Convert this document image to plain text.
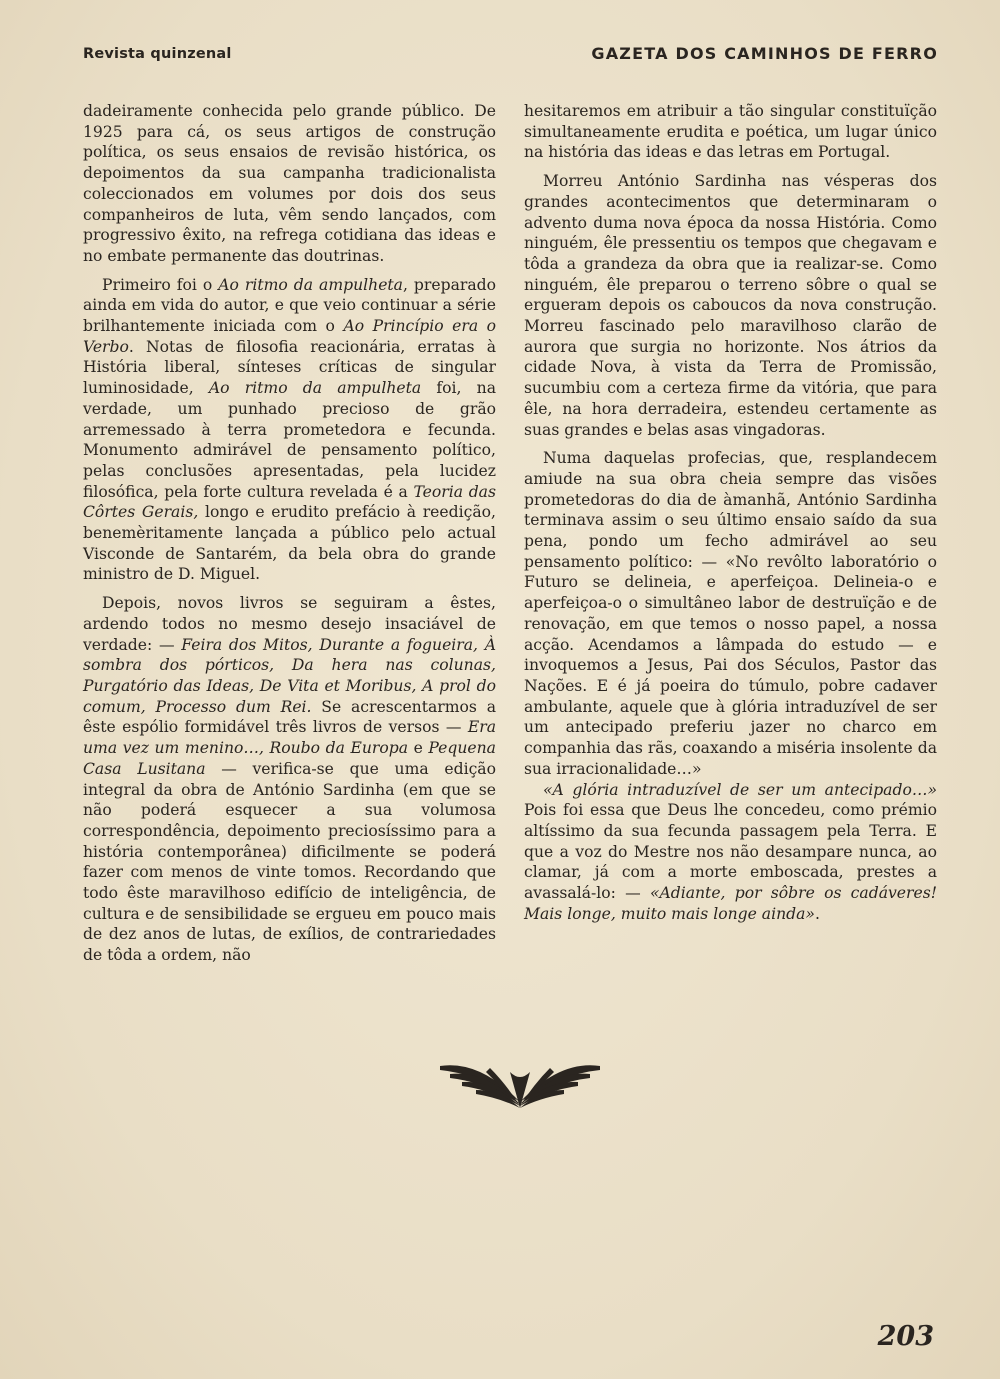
Revista quinzenal	GAZETA DOS CAMINHOS DE FERRO

dadeiramente conhecida pelo grande público. De 1925 para cá, os seus artigos de construção política, os seus ensaios de revisão histórica, os depoimentos da sua campanha tradicionalista coleccionados em volumes por dois dos seus companheiros de luta, vêm sendo lançados, com progressivo êxito, na refrega cotidiana das ideas e no embate permanente das doutrinas.

Primeiro foi o Ao ritmo da ampulheta, preparado ainda em vida do autor, e que veio continuar a série brilhantemente iniciada com o Ao Princípio era o Verbo. Notas de filosofia reacionária, erratas à História liberal, sínteses críticas de singular luminosidade, Ao ritmo da ampulheta foi, na verdade, um punhado precioso de grão arremessado à terra prometedora e fecunda. Monumento admirável de pensamento político, pelas conclusões apresentadas, pela lucidez filosófica, pela forte cultura revelada é a Teoria das Côrtes Gerais, longo e erudito prefácio à reedição, benemèritamente lançada a público pelo actual Visconde de Santarém, da bela obra do grande ministro de D. Miguel.

Depois, novos livros se seguiram a êstes, ardendo todos no mesmo desejo insaciável de verdade: — Feira dos Mitos, Durante a fogueira, À sombra dos pórticos, Da hera nas colunas, Purgatório das Ideas, De Vita et Moribus, A prol do comum, Processo dum Rei. Se acrescentarmos a êste espólio formidável três livros de versos — Era uma vez um menino…, Roubo da Europa e Pequena Casa Lusitana — verifica-se que uma edição integral da obra de António Sardinha (em que se não poderá esquecer a sua volumosa correspondência, depoimento preciosíssimo para a história contemporânea) dificilmente se poderá fazer com menos de vinte tomos. Recordando que todo êste maravilhoso edifício de inteligência, de cultura e de sensibilidade se ergueu em pouco mais de dez anos de lutas, de exílios, de contrariedades de tôda a ordem, não

hesitaremos em atribuir a tão singular constituïção simultaneamente erudita e poética, um lugar único na história das ideas e das letras em Portugal.

Morreu António Sardinha nas vésperas dos grandes acontecimentos que determinaram o advento duma nova época da nossa História. Como ninguém, êle pressentiu os tempos que chegavam e tôda a grandeza da obra que ia realizar-se. Como ninguém, êle preparou o terreno sôbre o qual se ergueram depois os caboucos da nova construção. Morreu fascinado pelo maravilhoso clarão de aurora que surgia no horizonte. Nos átrios da cidade Nova, à vista da Terra de Promissão, sucumbiu com a certeza firme da vitória, que para êle, na hora derradeira, estendeu certamente as suas grandes e belas asas vingadoras.

Numa daquelas profecias, que, resplandecem amiude na sua obra cheia sempre das visões prometedoras do dia de àmanhã, António Sardinha terminava assim o seu último ensaio saído da sua pena, pondo um fecho admirável ao seu pensamento político: — «No revôlto laboratório o Futuro se delineia, e aperfeiçoa. Delineia-o e aperfeiçoa-o o simultâneo labor de destruïção e de renovação, em que temos o nosso papel, a nossa acção. Acendamos a lâmpada do estudo — e invoquemos a Jesus, Pai dos Séculos, Pastor das Nações. E é já poeira do túmulo, pobre cadaver ambulante, aquele que à glória intraduzível de ser um antecipado preferiu jazer no charco em companhia das rãs, coaxando a miséria insolente da sua irracionalidade…»

«A glória intraduzível de ser um antecipado…» Pois foi essa que Deus lhe concedeu, como prémio altíssimo da sua fecunda passagem pela Terra. E que a voz do Mestre nos não desampare nunca, ao clamar, já com a morte emboscada, prestes a avassalá-lo: — «Adiante, por sôbre os cadáveres! Mais longe, muito mais longe ainda».

203
